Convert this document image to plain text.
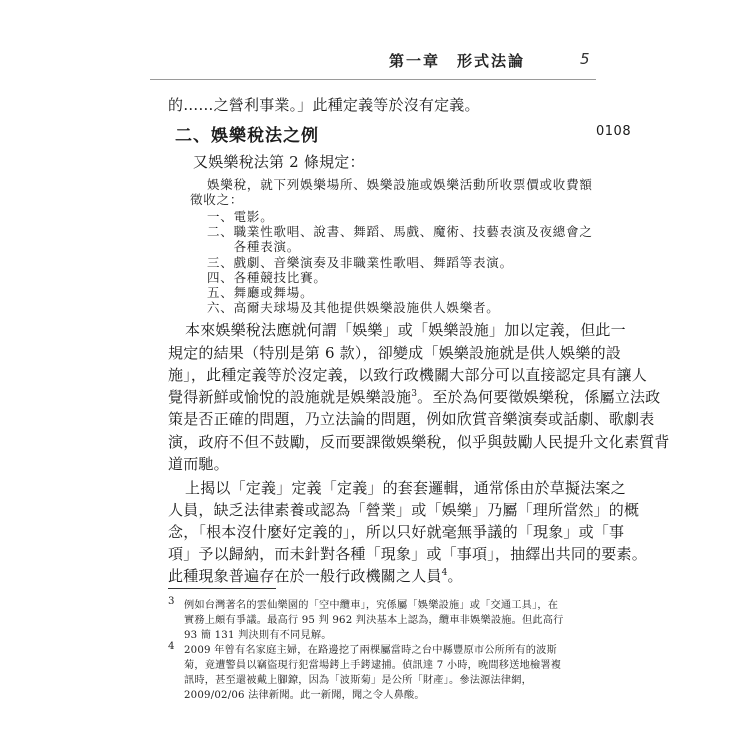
第一章　形式法論	5
的……之營利事業。」此種定義等於沒有定義。
二、娛樂稅法之例	0108
又娛樂稅法第 2 條規定：
娛樂稅，就下列娛樂場所、娛樂設施或娛樂活動所收票價或收費額
徵收之：
一、電影。
二、職業性歌唱、說書、舞蹈、馬戲、魔術、技藝表演及夜總會之
　　各種表演。
三、戲劇、音樂演奏及非職業性歌唱、舞蹈等表演。
四、各種競技比賽。
五、舞廳或舞場。
六、高爾夫球場及其他提供娛樂設施供人娛樂者。
本來娛樂稅法應就何謂「娛樂」或「娛樂設施」加以定義，但此一
規定的結果（特別是第 6 款），卻變成「娛樂設施就是供人娛樂的設
施」，此種定義等於沒定義，以致行政機關大部分可以直接認定具有讓人
覺得新鮮或愉悅的設施就是娛樂設施$^3$。至於為何要徵娛樂稅，係屬立法政
策是否正確的問題，乃立法論的問題，例如欣賞音樂演奏或話劇、歌劇表
演，政府不但不鼓勵，反而要課徵娛樂稅，似乎與鼓勵人民提升文化素質背
道而馳。
上揭以「定義」定義「定義」的套套邏輯，通常係由於草擬法案之
人員，缺乏法律素養或認為「營業」或「娛樂」乃屬「理所當然」的概
念，「根本沒什麼好定義的」，所以只好就毫無爭議的「現象」或「事
項」予以歸納，而未針對各種「現象」或「事項」，抽繹出共同的要素。
此種現象普遍存在於一般行政機關之人員$^4$。
3 例如台灣著名的雲仙樂園的「空中纜車」，究係屬「娛樂設施」或「交通工具」，在
實務上頗有爭議。最高行 95 判 962 判決基本上認為，纜車非娛樂設施。但此高行
93 簡 131 判決則有不同見解。
4 2009 年曾有名家庭主婦，在路邊挖了兩棵屬當時之台中縣豐原市公所所有的波斯
菊，竟遭警員以竊盜現行犯當場銬上手銬逮捕。偵訊達 7 小時，晚間移送地檢署複
訊時，甚至還被戴上腳鐐，因為「波斯菊」是公所「財產」。參法源法律網，
2009/02/06 法律新聞。此一新聞，聞之令人鼻酸。
